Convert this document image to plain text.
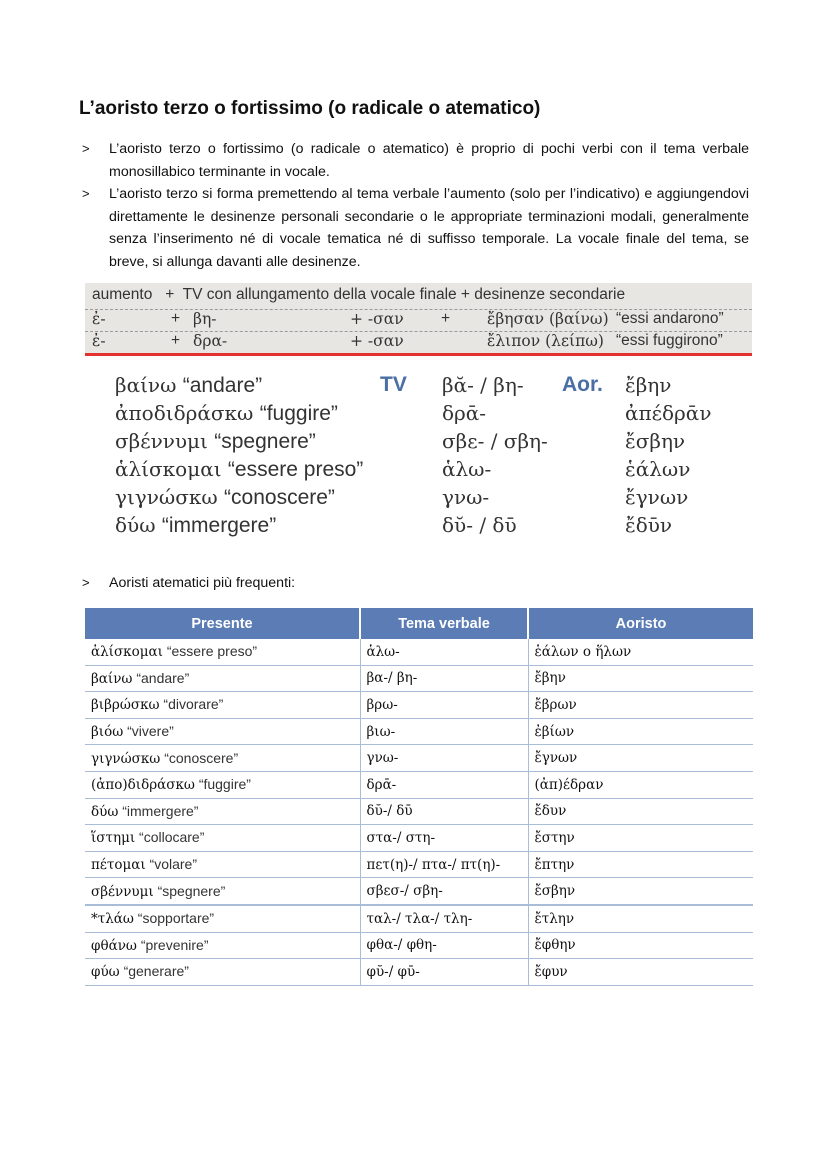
L’aoristo terzo o fortissimo (o radicale o atematico)
> L’aoristo terzo o fortissimo (o radicale o atematico) è proprio di pochi verbi con il tema verbale monosillabico terminante in vocale.
> L’aoristo terzo si forma premettendo al tema verbale l’aumento (solo per l’indicativo) e aggiungendovi direttamente le desinenze personali secondarie o le appropriate terminazioni modali, generalmente senza l’inserimento né di vocale tematica né di suffisso temporale. La vocale finale del tema, se breve, si allunga davanti alle desinenze.
aumento   +  TV con allungamento della vocale finale + desinenze secondarie
ἐ-	+ βη-	+ -σαν + ἔβησαν (βαίνω) “essi andarono”
ἐ-	+ δρα-	+ -σαν	ἔλιπον (λείπω) “essi fuggirono”
βαίνω “andare”	TV βᾰ- / βη- Aor. ἔβην
ἀποδιδράσκω “fuggire”	δρᾱ-	ἀπέδρᾱν
σβέννυμι “spegnere”	σβε- / σβη-	ἔσβην
ἁλίσκομαι “essere preso”	ἁλω-	ἑάλων
γιγνώσκω “conoscere”	γνω-	ἔγνων
δύω “immergere”	δῠ- / δῡ	ἔδῡν
> Aoristi atematici più frequenti:
Presente	Tema verbale	Aoristo
ἁλίσκομαι “essere preso”	ἁλω-	ἑάλων o ἥλων
βαίνω “andare”	βα-/ βη-	ἔβην
βιβρώσκω “divorare”	βρω-	ἔβρων
βιόω “vivere”	βιω-	ἐβίων
γιγνώσκω “conoscere”	γνω-	ἔγνων
(ἀπο)διδράσκω “fuggire”	δρᾱ-	(ἀπ)έδραν
δύω “immergere”	δῠ-/ δῡ	ἔδυν
ἵστημι “collocare”	στα-/ στη-	ἔστην
πέτομαι “volare”	πετ(η)-/ πτα-/ πτ(η)-	ἔπτην
σβέννυμι “spegnere”	σβεσ-/ σβη-	ἔσβην
*τλάω “sopportare”	ταλ-/ τλα-/ τλη-	ἔτλην
φθάνω “prevenire”	φθα-/ φθη-	ἔφθην
φύω “generare”	φῠ-/ φῡ-	ἔφυν
